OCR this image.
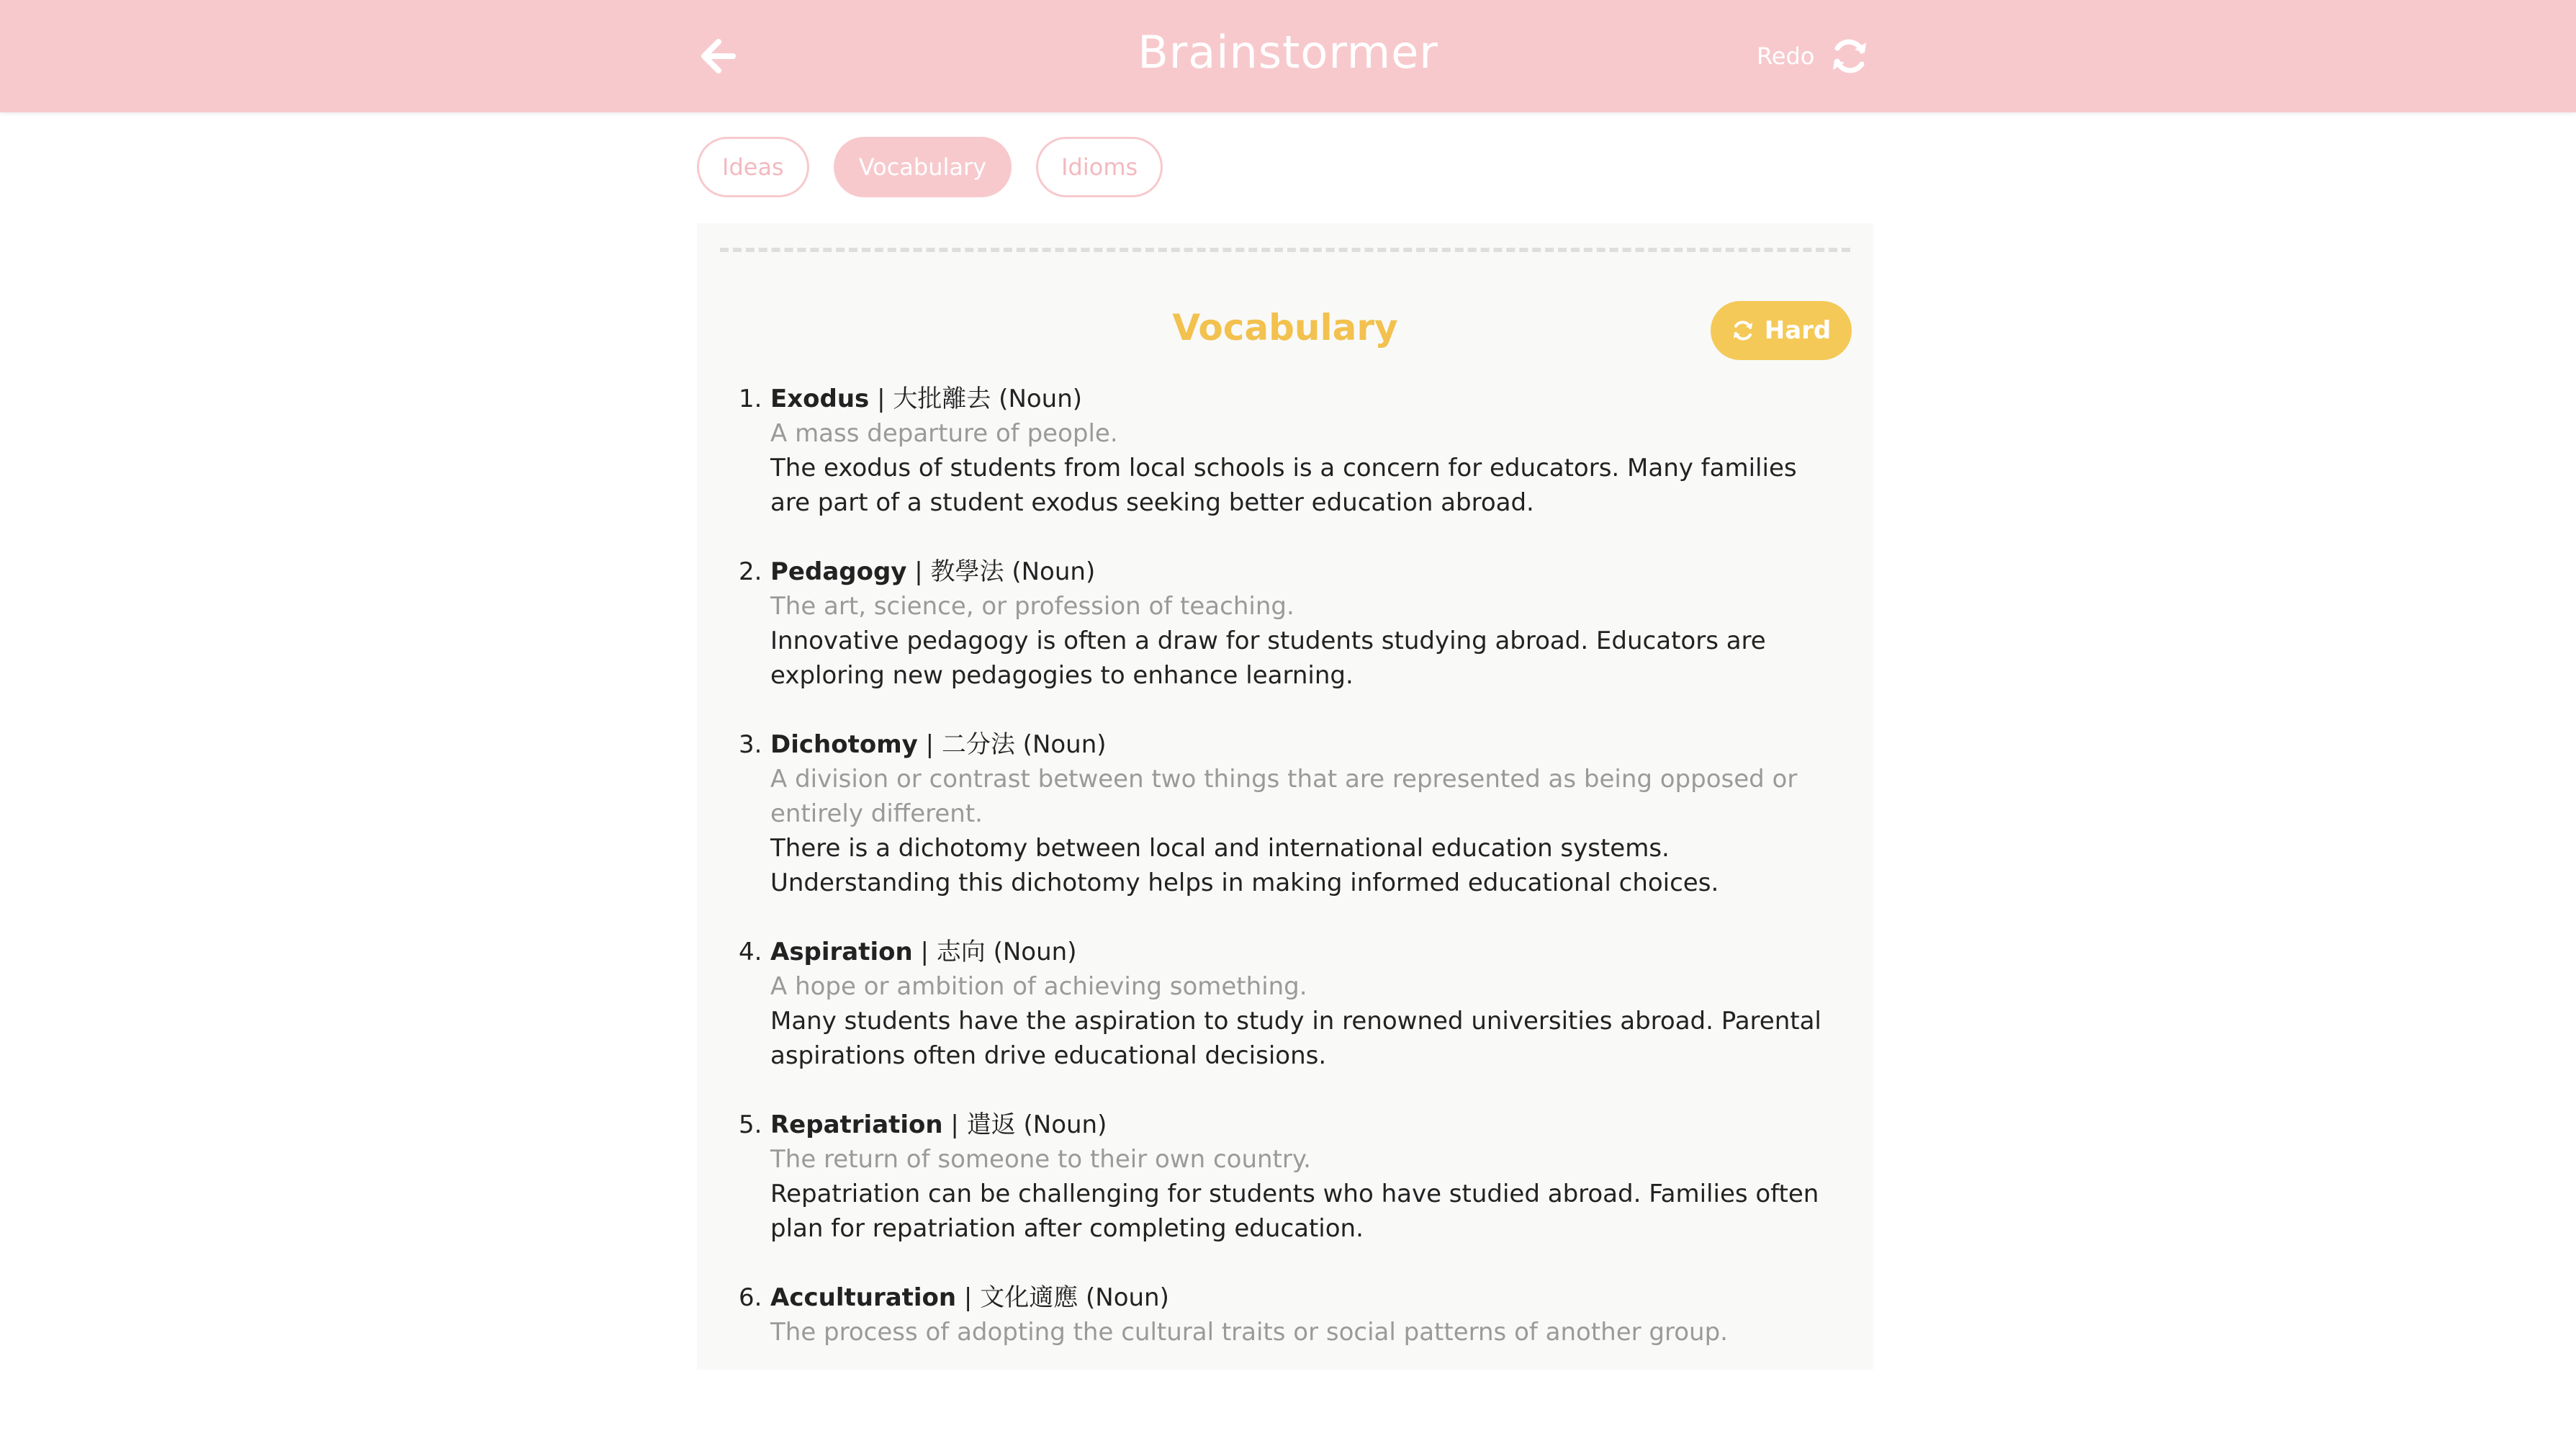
Brainstormer	Redo
Ideas	Vocabulary	Idioms
Vocabulary	Hard
1. Exodus | 大批離去 (Noun)
A mass departure of people.
The exodus of students from local schools is a concern for educators. Many families are part of a student exodus seeking better education abroad.
2. Pedagogy | 教學法 (Noun)
The art, science, or profession of teaching.
Innovative pedagogy is often a draw for students studying abroad. Educators are exploring new pedagogies to enhance learning.
3. Dichotomy | 二分法 (Noun)
A division or contrast between two things that are represented as being opposed or entirely different.
There is a dichotomy between local and international education systems. Understanding this dichotomy helps in making informed educational choices.
4. Aspiration | 志向 (Noun)
A hope or ambition of achieving something.
Many students have the aspiration to study in renowned universities abroad. Parental aspirations often drive educational decisions.
5. Repatriation | 遣返 (Noun)
The return of someone to their own country.
Repatriation can be challenging for students who have studied abroad. Families often plan for repatriation after completing education.
6. Acculturation | 文化適應 (Noun)
The process of adopting the cultural traits or social patterns of another group.
